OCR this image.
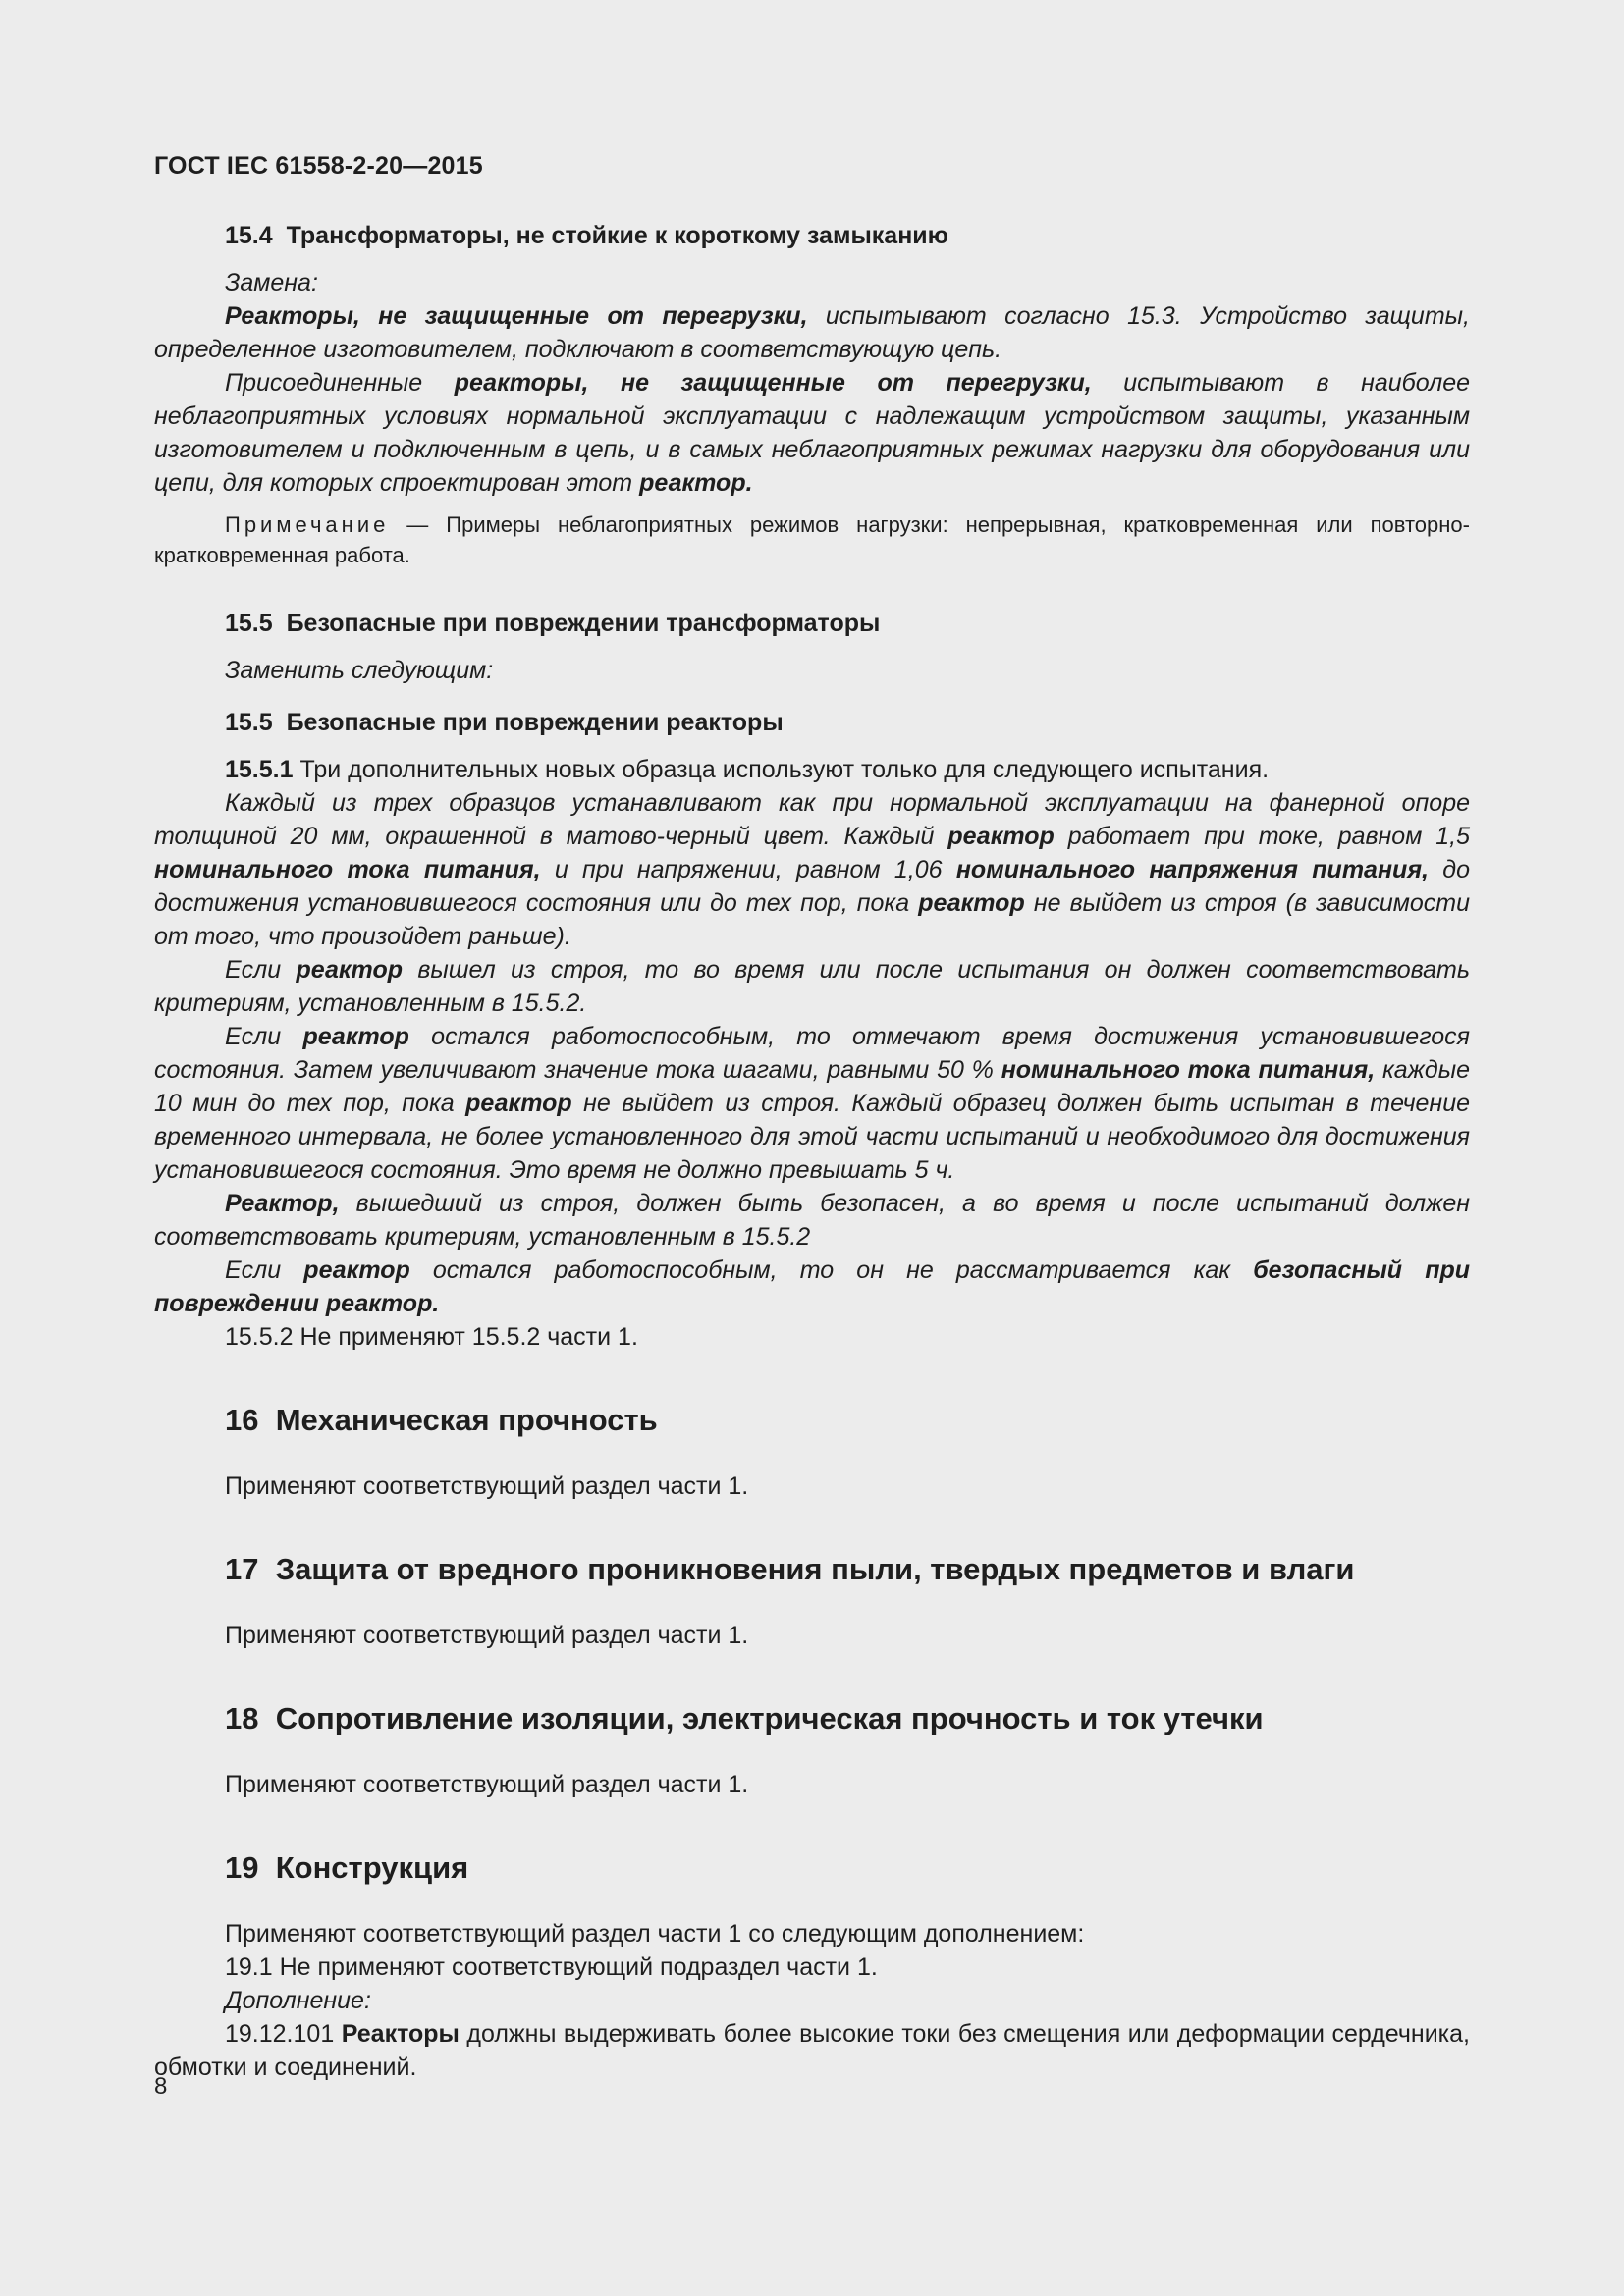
ГОСТ IEC 61558-2-20—2015
15.4 Трансформаторы, не стойкие к короткому замыканию

Замена:

Реакторы, не защищенные от перегрузки, испытывают согласно 15.3. Устройство защиты, определенное изготовителем, подключают в соответствующую цепь.

Присоединенные реакторы, не защищенные от перегрузки, испытывают в наиболее неблагоприятных условиях нормальной эксплуатации с надлежащим устройством защиты, указанным изготовителем и подключенным в цепь, и в самых неблагоприятных режимах нагрузки для оборудования или цепи, для которых спроектирован этот реактор.

Примечание — Примеры неблагоприятных режимов нагрузки: непрерывная, кратковременная или повторно-кратковременная работа.

15.5 Безопасные при повреждении трансформаторы

Заменить следующим:

15.5 Безопасные при повреждении реакторы

15.5.1 Три дополнительных новых образца используют только для следующего испытания.

Каждый из трех образцов устанавливают как при нормальной эксплуатации на фанерной опоре толщиной 20 мм, окрашенной в матово-черный цвет. Каждый реактор работает при токе, равном 1,5 номинального тока питания, и при напряжении, равном 1,06 номинального напряжения питания, до достижения установившегося состояния или до тех пор, пока реактор не выйдет из строя (в зависимости от того, что произойдет раньше).

Если реактор вышел из строя, то во время или после испытания он должен соответствовать критериям, установленным в 15.5.2.

Если реактор остался работоспособным, то отмечают время достижения установившегося состояния. Затем увеличивают значение тока шагами, равными 50 % номинального тока питания, каждые 10 мин до тех пор, пока реактор не выйдет из строя. Каждый образец должен быть испытан в течение временного интервала, не более установленного для этой части испытаний и необходимого для достижения установившегося состояния. Это время не должно превышать 5 ч.

Реактор, вышедший из строя, должен быть безопасен, а во время и после испытаний должен соответствовать критериям, установленным в 15.5.2

Если реактор остался работоспособным, то он не рассматривается как безопасный при повреждении реактор.

15.5.2 Не применяют 15.5.2 части 1.

16 Механическая прочность

Применяют соответствующий раздел части 1.

17 Защита от вредного проникновения пыли, твердых предметов и влаги

Применяют соответствующий раздел части 1.

18 Сопротивление изоляции, электрическая прочность и ток утечки

Применяют соответствующий раздел части 1.

19 Конструкция

Применяют соответствующий раздел части 1 со следующим дополнением:

19.1 Не применяют соответствующий подраздел части 1.

Дополнение:

19.12.101 Реакторы должны выдерживать более высокие токи без смещения или деформации сердечника, обмотки и соединений.

8
